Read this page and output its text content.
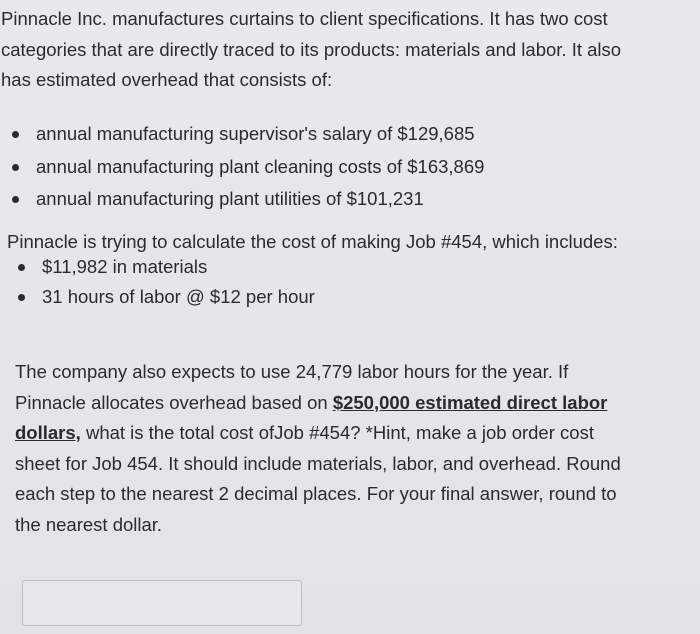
Pinnacle Inc. manufactures curtains to client specifications. It has two cost
categories that are directly traced to its products: materials and labor. It also
has estimated overhead that consists of:

annual manufacturing supervisor's salary of $129,685
annual manufacturing plant cleaning costs of $163,869
annual manufacturing plant utilities of $101,231

Pinnacle is trying to calculate the cost of making Job #454, which includes:

$11,982 in materials
31 hours of labor @ $12 per hour

The company also expects to use 24,779 labor hours for the year. If
Pinnacle allocates overhead based on $250,000 estimated direct labor
dollars, what is the total cost ofJob #454? *Hint, make a job order cost
sheet for Job 454. It should include materials, labor, and overhead. Round
each step to the nearest 2 decimal places. For your final answer, round to
the nearest dollar.
